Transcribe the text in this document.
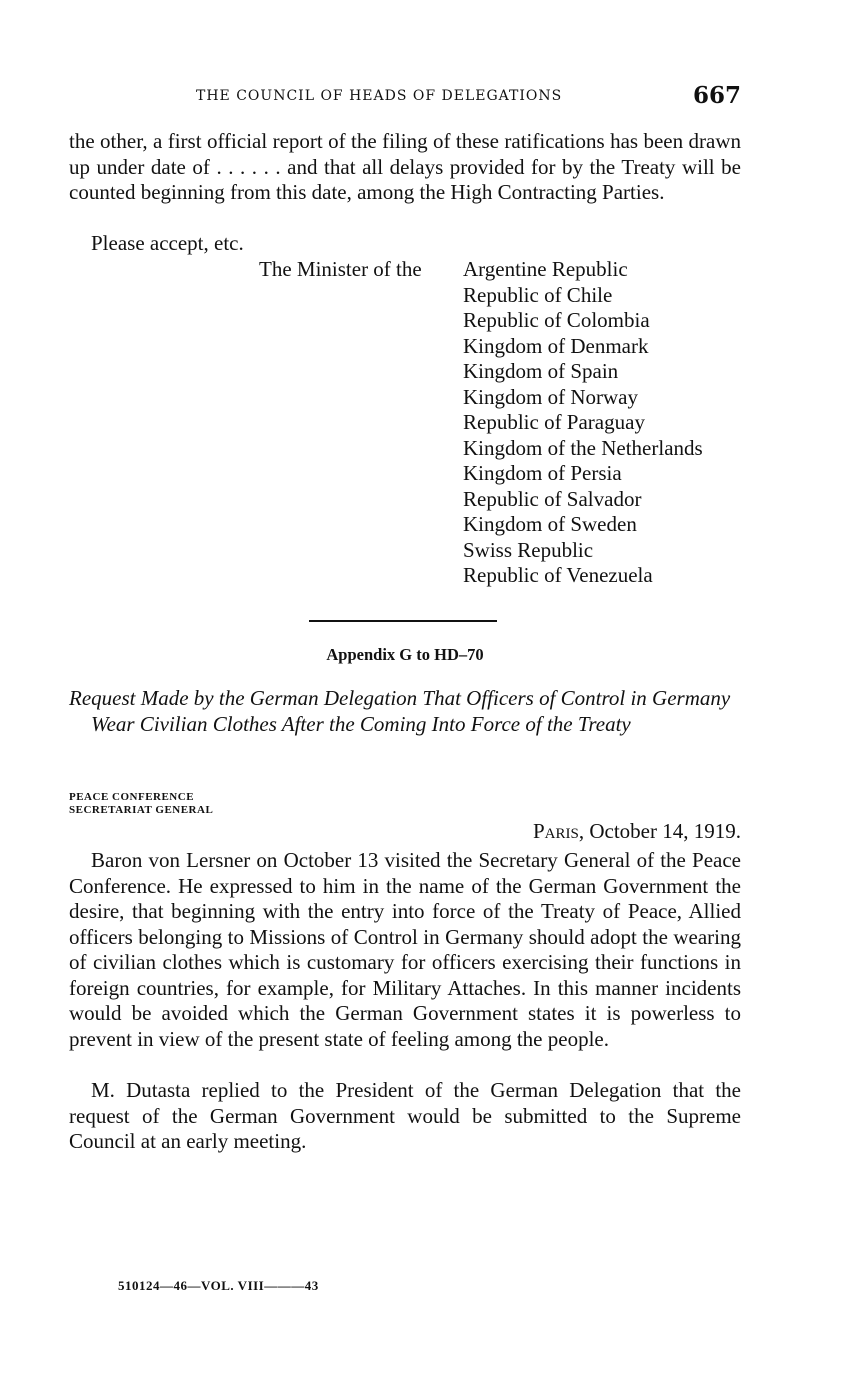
THE COUNCIL OF HEADS OF DELEGATIONS	667

the other, a first official report of the filing of these ratifications has been drawn up under date of . . . . . . and that all delays provided for by the Treaty will be counted beginning from this date, among the High Contracting Parties.

Please accept, etc.

The Minister of the Argentine Republic
Republic of Chile
Republic of Colombia
Kingdom of Denmark
Kingdom of Spain
Kingdom of Norway
Republic of Paraguay
Kingdom of the Netherlands
Kingdom of Persia
Republic of Salvador
Kingdom of Sweden
Swiss Republic
Republic of Venezuela
Appendix G to HD–70

Request Made by the German Delegation That Officers of Control in Germany Wear Civilian Clothes After the Coming Into Force of the Treaty

PEACE CONFERENCE
SECRETARIAT GENERAL

Paris, October 14, 1919.

Baron von Lersner on October 13 visited the Secretary General of the Peace Conference. He expressed to him in the name of the German Government the desire, that beginning with the entry into force of the Treaty of Peace, Allied officers belonging to Missions of Control in Germany should adopt the wearing of civilian clothes which is customary for officers exercising their functions in foreign countries, for example, for Military Attaches. In this manner incidents would be avoided which the German Government states it is powerless to prevent in view of the present state of feeling among the people.

M. Dutasta replied to the President of the German Delegation that the request of the German Government would be submitted to the Supreme Council at an early meeting.

510124—46—VOL. VIII———43
